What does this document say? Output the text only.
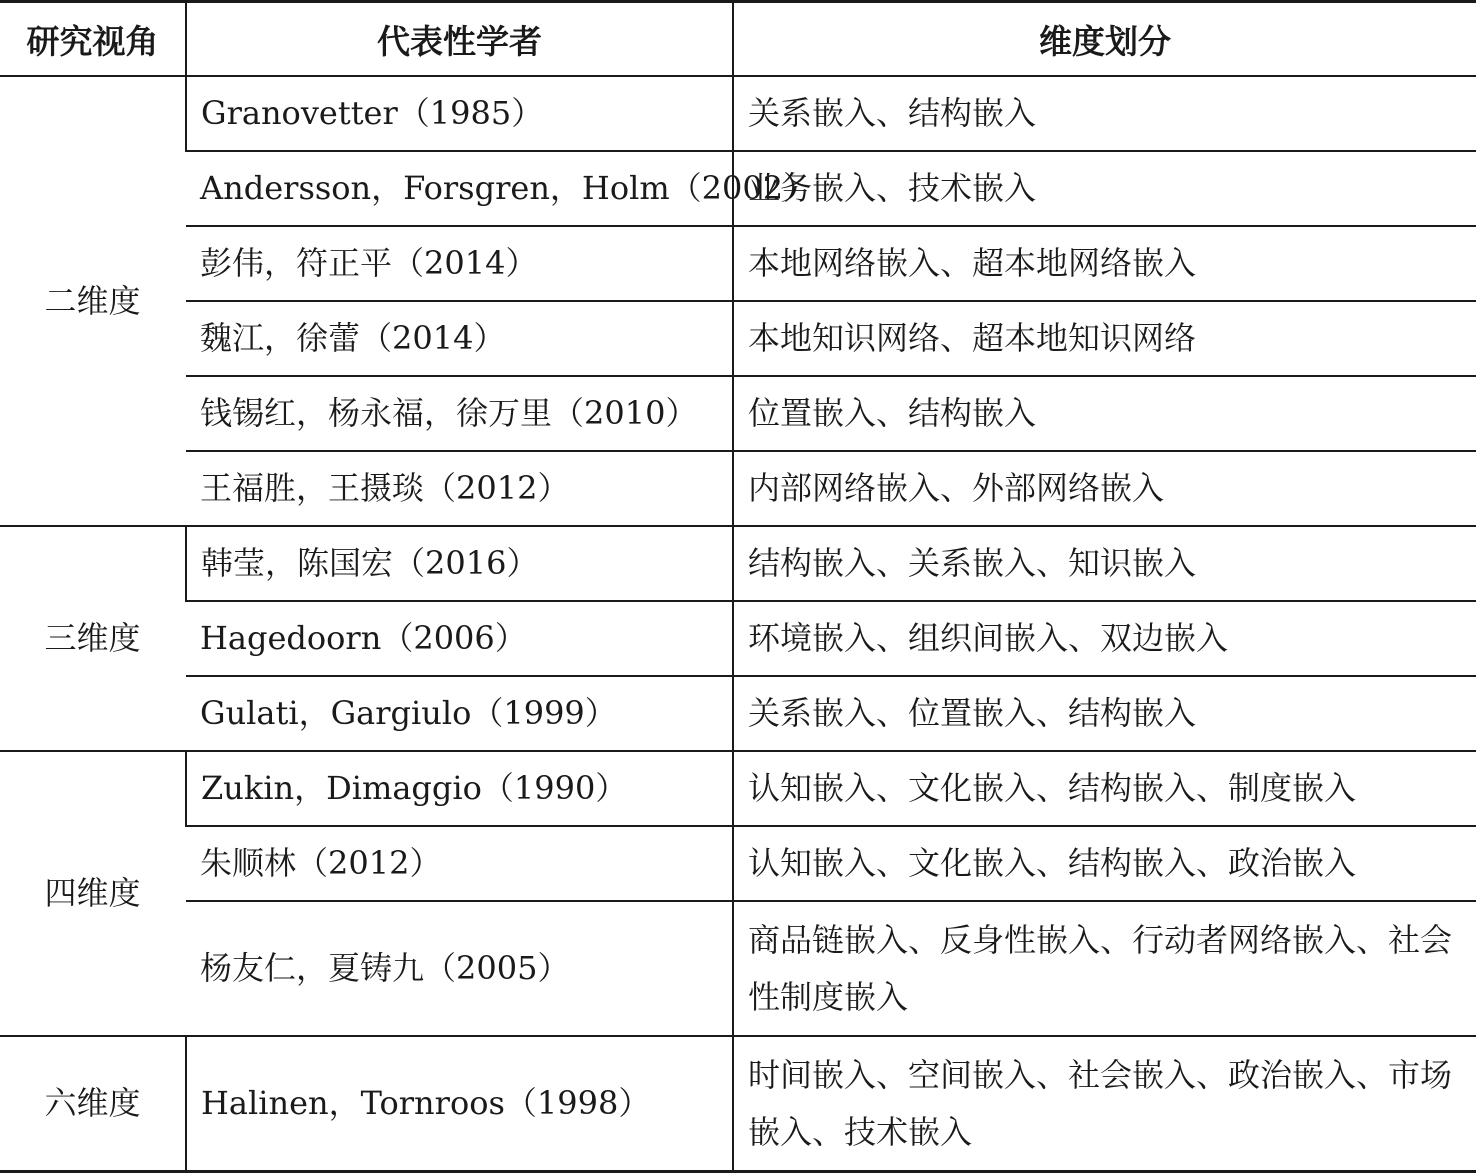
研究视角	代表性学者	维度划分
二维度	Granovetter（1985）	关系嵌入、结构嵌入
	Andersson，Forsgren，Holm（2002）	业务嵌入、技术嵌入
	彭伟，符正平（2014）	本地网络嵌入、超本地网络嵌入
	魏江，徐蕾（2014）	本地知识网络、超本地知识网络
	钱锡红，杨永福，徐万里（2010）	位置嵌入、结构嵌入
	王福胜，王摄琰（2012）	内部网络嵌入、外部网络嵌入
三维度	韩莹，陈国宏（2016）	结构嵌入、关系嵌入、知识嵌入
	Hagedoorn（2006）	环境嵌入、组织间嵌入、双边嵌入
	Gulati，Gargiulo（1999）	关系嵌入、位置嵌入、结构嵌入
四维度	Zukin，Dimaggio（1990）	认知嵌入、文化嵌入、结构嵌入、制度嵌入
	朱顺林（2012）	认知嵌入、文化嵌入、结构嵌入、政治嵌入
	杨友仁，夏铸九（2005）	商品链嵌入、反身性嵌入、行动者网络嵌入、社会性制度嵌入
六维度	Halinen，Tornroos（1998）	时间嵌入、空间嵌入、社会嵌入、政治嵌入、市场嵌入、技术嵌入
